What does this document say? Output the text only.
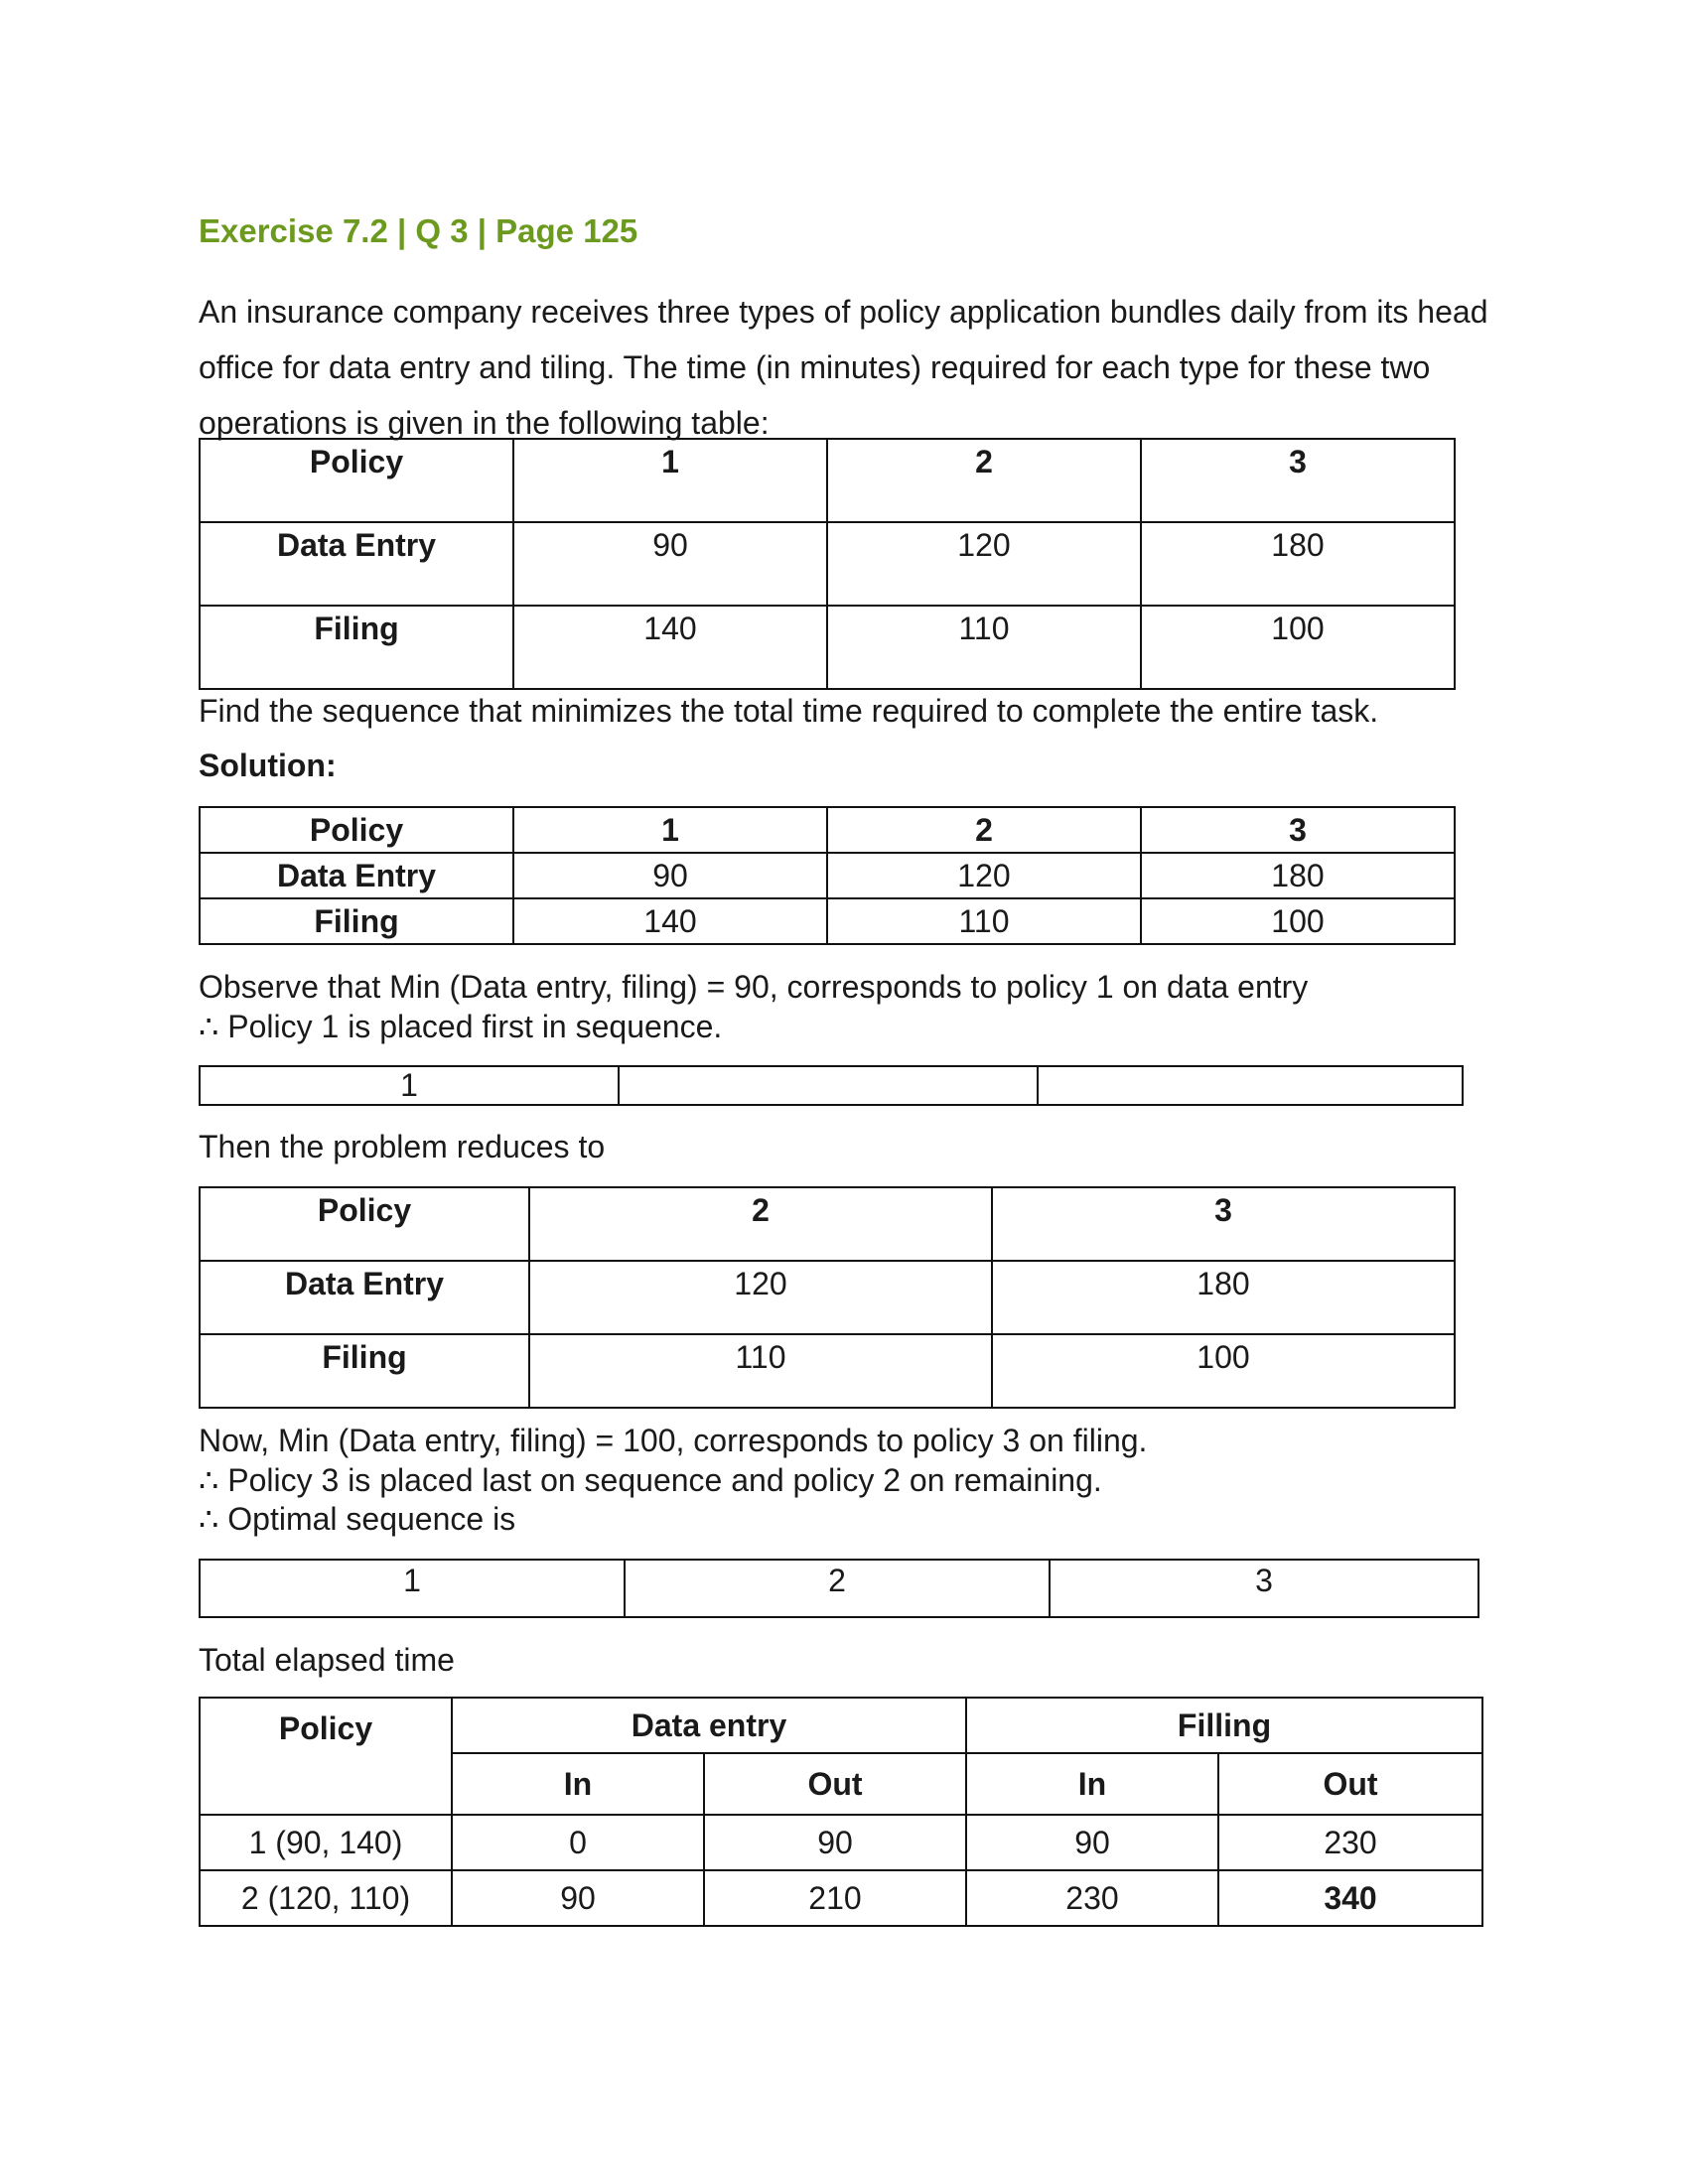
Exercise 7.2 | Q 3 | Page 125
An insurance company receives three types of policy application bundles daily from its head office for data entry and tiling. The time (in minutes) required for each type for these two operations is given in the following table:
Policy	1	2	3
Data Entry	90	120	180
Filing	140	110	100
Find the sequence that minimizes the total time required to complete the entire task.
Solution:
Policy	1	2	3
Data Entry	90	120	180
Filing	140	110	100
Observe that Min (Data entry, filing) = 90, corresponds to policy 1 on data entry
∴ Policy 1 is placed first in sequence.
1		
Then the problem reduces to
Policy	2	3
Data Entry	120	180
Filing	110	100
Now, Min (Data entry, filing) = 100, corresponds to policy 3 on filing.
∴ Policy 3 is placed last on sequence and policy 2 on remaining.
∴ Optimal sequence is
1	2	3
Total elapsed time
Policy	Data entry		Filling	
	In	Out	In	Out
1 (90, 140)	0	90	90	230
2 (120, 110)	90	210	230	340
